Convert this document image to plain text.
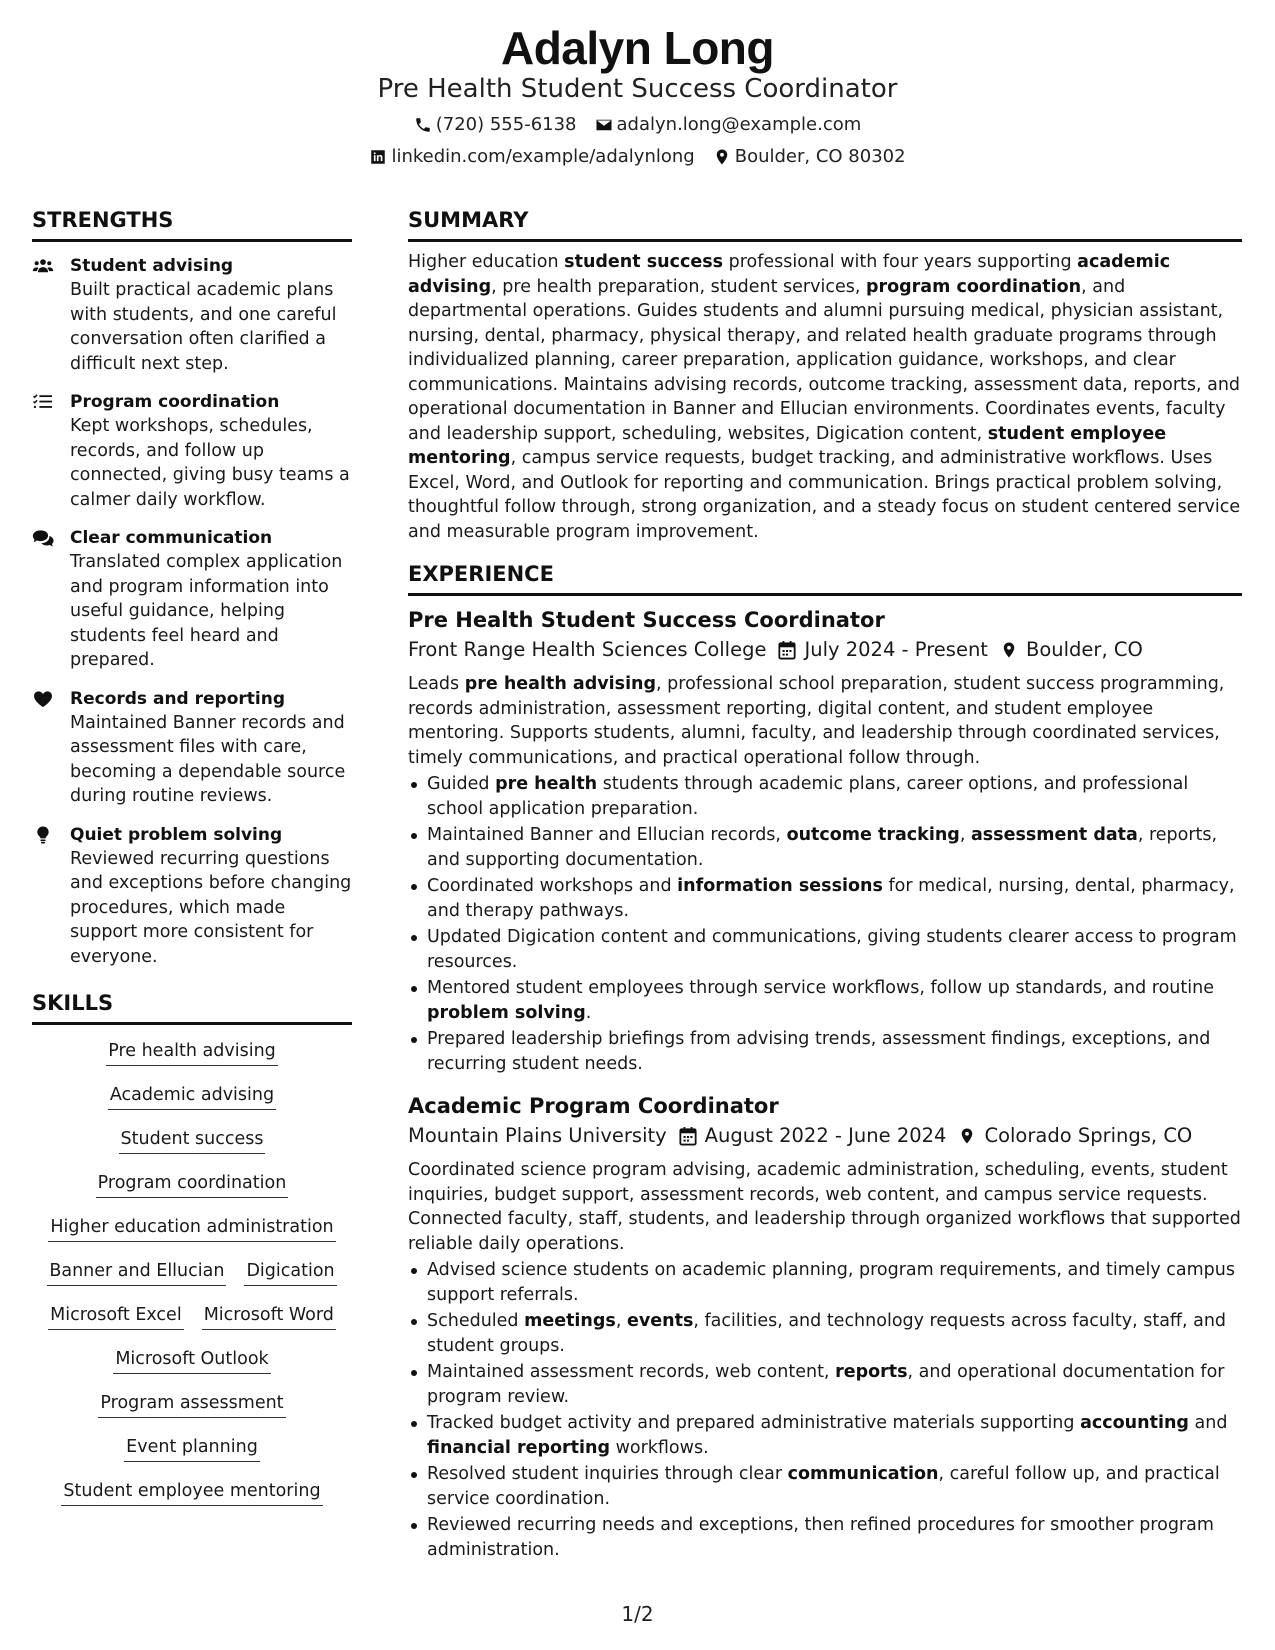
Adalyn Long
Pre Health Student Success Coordinator
(720) 555-6138 adalyn.long@example.com
linkedin.com/example/adalynlong Boulder, CO 80302
STRENGTHS
Student advising
Built practical academic plans with students, and one careful conversation often clarified a difficult next step.
Program coordination
Kept workshops, schedules, records, and follow up connected, giving busy teams a calmer daily workflow.
Clear communication
Translated complex application and program information into useful guidance, helping students feel heard and prepared.
Records and reporting
Maintained Banner records and assessment files with care, becoming a dependable source during routine reviews.
Quiet problem solving
Reviewed recurring questions and exceptions before changing procedures, which made support more consistent for everyone.
SKILLS
Pre health advising
Academic advising
Student success
Program coordination
Higher education administration
Banner and Ellucian Digication
Microsoft Excel Microsoft Word
Microsoft Outlook
Program assessment
Event planning
Student employee mentoring
SUMMARY
Higher education student success professional with four years supporting academic advising, pre health preparation, student services, program coordination, and departmental operations. Guides students and alumni pursuing medical, physician assistant, nursing, dental, pharmacy, physical therapy, and related health graduate programs through individualized planning, career preparation, application guidance, workshops, and clear communications. Maintains advising records, outcome tracking, assessment data, reports, and operational documentation in Banner and Ellucian environments. Coordinates events, faculty and leadership support, scheduling, websites, Digication content, student employee mentoring, campus service requests, budget tracking, and administrative workflows. Uses Excel, Word, and Outlook for reporting and communication. Brings practical problem solving, thoughtful follow through, strong organization, and a steady focus on student centered service and measurable program improvement.
EXPERIENCE
Pre Health Student Success Coordinator
Front Range Health Sciences College July 2024 - Present Boulder, CO
Leads pre health advising, professional school preparation, student success programming, records administration, assessment reporting, digital content, and student employee mentoring. Supports students, alumni, faculty, and leadership through coordinated services, timely communications, and practical operational follow through.
Guided pre health students through academic plans, career options, and professional school application preparation.
Maintained Banner and Ellucian records, outcome tracking, assessment data, reports, and supporting documentation.
Coordinated workshops and information sessions for medical, nursing, dental, pharmacy, and therapy pathways.
Updated Digication content and communications, giving students clearer access to program resources.
Mentored student employees through service workflows, follow up standards, and routine problem solving.
Prepared leadership briefings from advising trends, assessment findings, exceptions, and recurring student needs.
Academic Program Coordinator
Mountain Plains University August 2022 - June 2024 Colorado Springs, CO
Coordinated science program advising, academic administration, scheduling, events, student inquiries, budget support, assessment records, web content, and campus service requests. Connected faculty, staff, students, and leadership through organized workflows that supported reliable daily operations.
Advised science students on academic planning, program requirements, and timely campus support referrals.
Scheduled meetings, events, facilities, and technology requests across faculty, staff, and student groups.
Maintained assessment records, web content, reports, and operational documentation for program review.
Tracked budget activity and prepared administrative materials supporting accounting and financial reporting workflows.
Resolved student inquiries through clear communication, careful follow up, and practical service coordination.
Reviewed recurring needs and exceptions, then refined procedures for smoother program administration.
1/2
